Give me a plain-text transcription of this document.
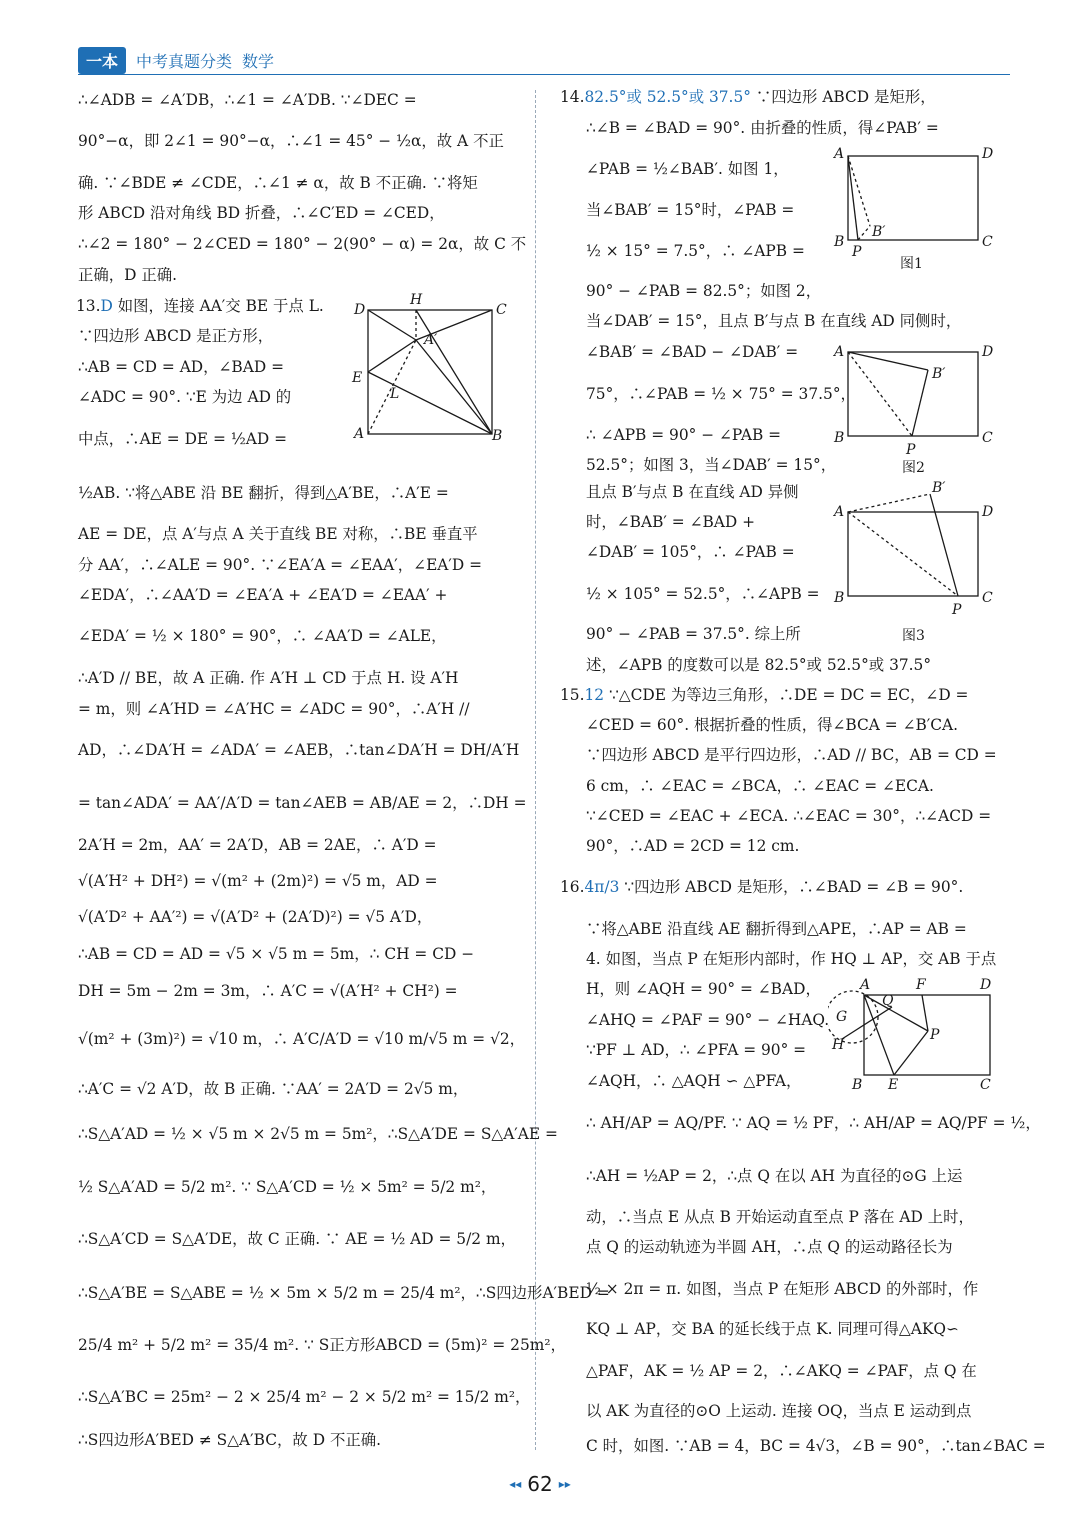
一本	中考真题分类 数学
∴∠ADB = ∠A′DB，∴∠1 = ∠A′DB. ∵∠DEC =
90°−α，即 2∠1 = 90°−α，∴∠1 = 45° − ½α，故 A 不正
确. ∵∠BDE ≠ ∠CDE，∴∠1 ≠ α，故 B 不正确. ∵将矩
形 ABCD 沿对角线 BD 折叠，∴∠C′ED = ∠CED，
∴∠2 = 180° − 2∠CED = 180° − 2(90° − α) = 2α，故 C 不
正确，D 正确.
13.D 如图，连接 AA′交 BE 于点 L.
∵四边形 ABCD 是正方形，
∴AB = CD = AD，∠BAD =
∠ADC = 90°. ∵E 为边 AD 的
中点，∴AE = DE = ½AD =
½AB. ∵将△ABE 沿 BE 翻折，得到△A′BE，∴A′E =
AE = DE，点 A′与点 A 关于直线 BE 对称，∴BE 垂直平
分 AA′，∴∠ALE = 90°. ∵∠EA′A = ∠EAA′，∠EA′D =
∠EDA′，∴∠AA′D = ∠EA′A + ∠EA′D = ∠EAA′ +
∠EDA′ = ½ × 180° = 90°，∴ ∠AA′D = ∠ALE，
∴A′D // BE，故 A 正确. 作 A′H ⊥ CD 于点 H. 设 A′H
= m，则 ∠A′HD = ∠A′HC = ∠ADC = 90°，∴A′H //
AD，∴∠DA′H = ∠ADA′ = ∠AEB，∴tan∠DA′H = DH/A′H
= tan∠ADA′ = AA′/A′D = tan∠AEB = AB/AE = 2，∴DH =
2A′H = 2m，AA′ = 2A′D，AB = 2AE，∴ A′D =
√(A′H² + DH²) = √(m² + (2m)²) = √5 m，AD =
√(A′D² + AA′²) = √(A′D² + (2A′D)²) = √5 A′D，
∴AB = CD = AD = √5 × √5 m = 5m，∴ CH = CD −
DH = 5m − 2m = 3m，∴ A′C = √(A′H² + CH²) =
√(m² + (3m)²) = √10 m，∴ A′C/A′D = √10 m/√5 m = √2，
∴A′C = √2 A′D，故 B 正确. ∵AA′ = 2A′D = 2√5 m，
∴S△A′AD = ½ × √5 m × 2√5 m = 5m²，∴S△A′DE = S△A′AE =
½ S△A′AD = 5/2 m². ∵ S△A′CD = ½ × 5m² = 5/2 m²，
∴S△A′CD = S△A′DE，故 C 正确. ∵ AE = ½ AD = 5/2 m，
∴S△A′BE = S△ABE = ½ × 5m × 5/2 m = 25/4 m²，∴S四边形A′BED =
25/4 m² + 5/2 m² = 35/4 m². ∵ S正方形ABCD = (5m)² = 25m²，
∴S△A′BC = 25m² − 2 × 25/4 m² − 2 × 5/2 m² = 15/2 m²，
∴S四边形A′BED ≠ S△A′BC，故 D 不正确.
D
H
C
A′
E
L
A	B
14.82.5°或 52.5°或 37.5° ∵四边形 ABCD 是矩形，
∴∠B = ∠BAD = 90°. 由折叠的性质，得∠PAB′ =
∠PAB = ½∠BAB′. 如图 1，
当∠BAB′ = 15°时，∠PAB =
½ × 15° = 7.5°，∴ ∠APB =
90° − ∠PAB = 82.5°；如图 2，
当∠DAB′ = 15°，且点 B′与点 B 在直线 AD 同侧时，
∠BAB′ = ∠BAD − ∠DAB′ =
75°，∴∠PAB = ½ × 75° = 37.5°，
∴ ∠APB = 90° − ∠PAB =
52.5°；如图 3，当∠DAB′ = 15°，
且点 B′与点 B 在直线 AD 异侧
时，∠BAB′ = ∠BAD +
∠DAB′ = 105°，∴ ∠PAB =
½ × 105° = 52.5°，∴∠APB =
90° − ∠PAB = 37.5°. 综上所
述，∠APB 的度数可以是 82.5°或 52.5°或 37.5°
15.12 ∵△CDE 为等边三角形，∴DE = DC = EC，∠D =
∠CED = 60°. 根据折叠的性质，得∠BCA = ∠B′CA.
∵四边形 ABCD 是平行四边形，∴AD // BC，AB = CD =
6 cm，∴ ∠EAC = ∠BCA，∴ ∠EAC = ∠ECA.
∵∠CED = ∠EAC + ∠ECA. ∴∠EAC = 30°，∴∠ACD =
90°，∴AD = 2CD = 12 cm.
16.4π/3 ∵四边形 ABCD 是矩形，∴∠BAD = ∠B = 90°.
∵将△ABE 沿直线 AE 翻折得到△APE，∴AP = AB =
4. 如图，当点 P 在矩形内部时，作 HQ ⊥ AP，交 AB 于点
H，则 ∠AQH = 90° = ∠BAD，
∠AHQ = ∠PAF = 90° − ∠HAQ.
∵PF ⊥ AD，∴ ∠PFA = 90° =
∠AQH，∴ △AQH ∽ △PFA，
∴ AH/AP = AQ/PF. ∵ AQ = ½ PF，∴ AH/AP = AQ/PF = ½，
∴AH = ½AP = 2，∴点 Q 在以 AH 为直径的⊙G 上运
动，∴当点 E 从点 B 开始运动直至点 P 落在 AD 上时，
点 Q 的运动轨迹为半圆 AH，∴点 Q 的运动路径长为
½ × 2π = π. 如图，当点 P 在矩形 ABCD 的外部时，作
KQ ⊥ AP，交 BA 的延长线于点 K. 同理可得△AKQ∽
△PAF，AK = ½ AP = 2，∴∠AKQ = ∠PAF，点 Q 在
以 AK 为直径的⊙O 上运动. 连接 OQ，当点 E 运动到点
C 时，如图. ∵AB = 4，BC = 4√3，∠B = 90°，∴tan∠BAC =
A	D
B
P
B′
C
图1
A	D
B′
B
P
C
图2
B′
A	D
B
P
C
图3
A	F	D
Q
G
P
H
B E	C
◂◂ 62 ▸▸
